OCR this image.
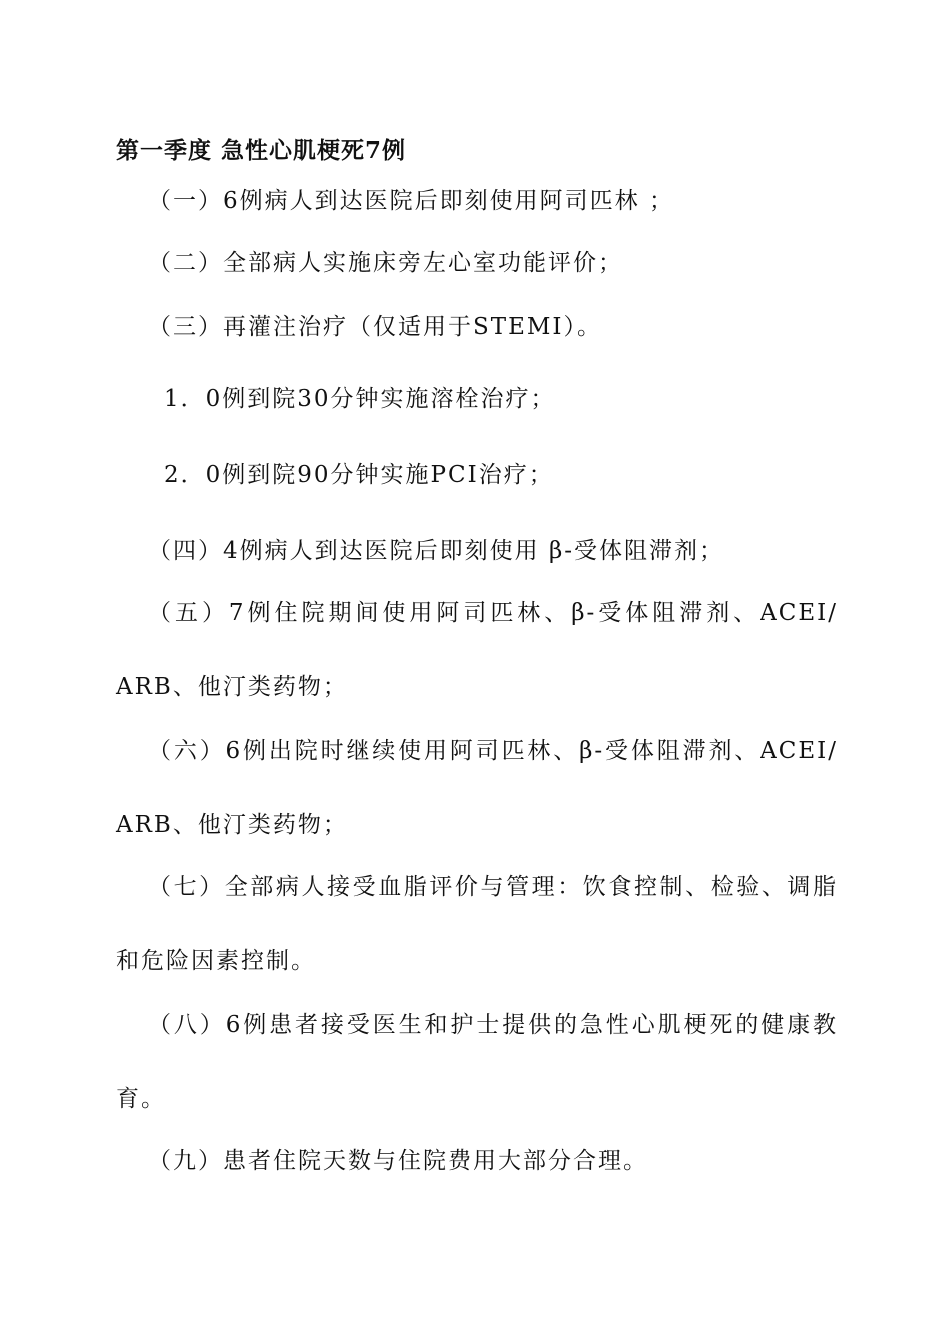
第一季度 急性心肌梗死7例
（一）6例病人到达医院后即刻使用阿司匹林 ；
（二）全部病人实施床旁左心室功能评价；
（三）再灌注治疗（仅适用于STEMI）。
1．0例到院30分钟实施溶栓治疗；
2．0例到院90分钟实施PCI治疗；
（四）4例病人到达医院后即刻使用 β-受体阻滞剂；
（五）7例住院期间使用阿司匹林、β-受体阻滞剂、ACEI/
ARB、他汀类药物；
（六）6例出院时继续使用阿司匹林、β-受体阻滞剂、ACEI/
ARB、他汀类药物；
（七）全部病人接受血脂评价与管理：饮食控制、检验、调脂
和危险因素控制。
（八）6例患者接受医生和护士提供的急性心肌梗死的健康教
育。
（九）患者住院天数与住院费用大部分合理。
